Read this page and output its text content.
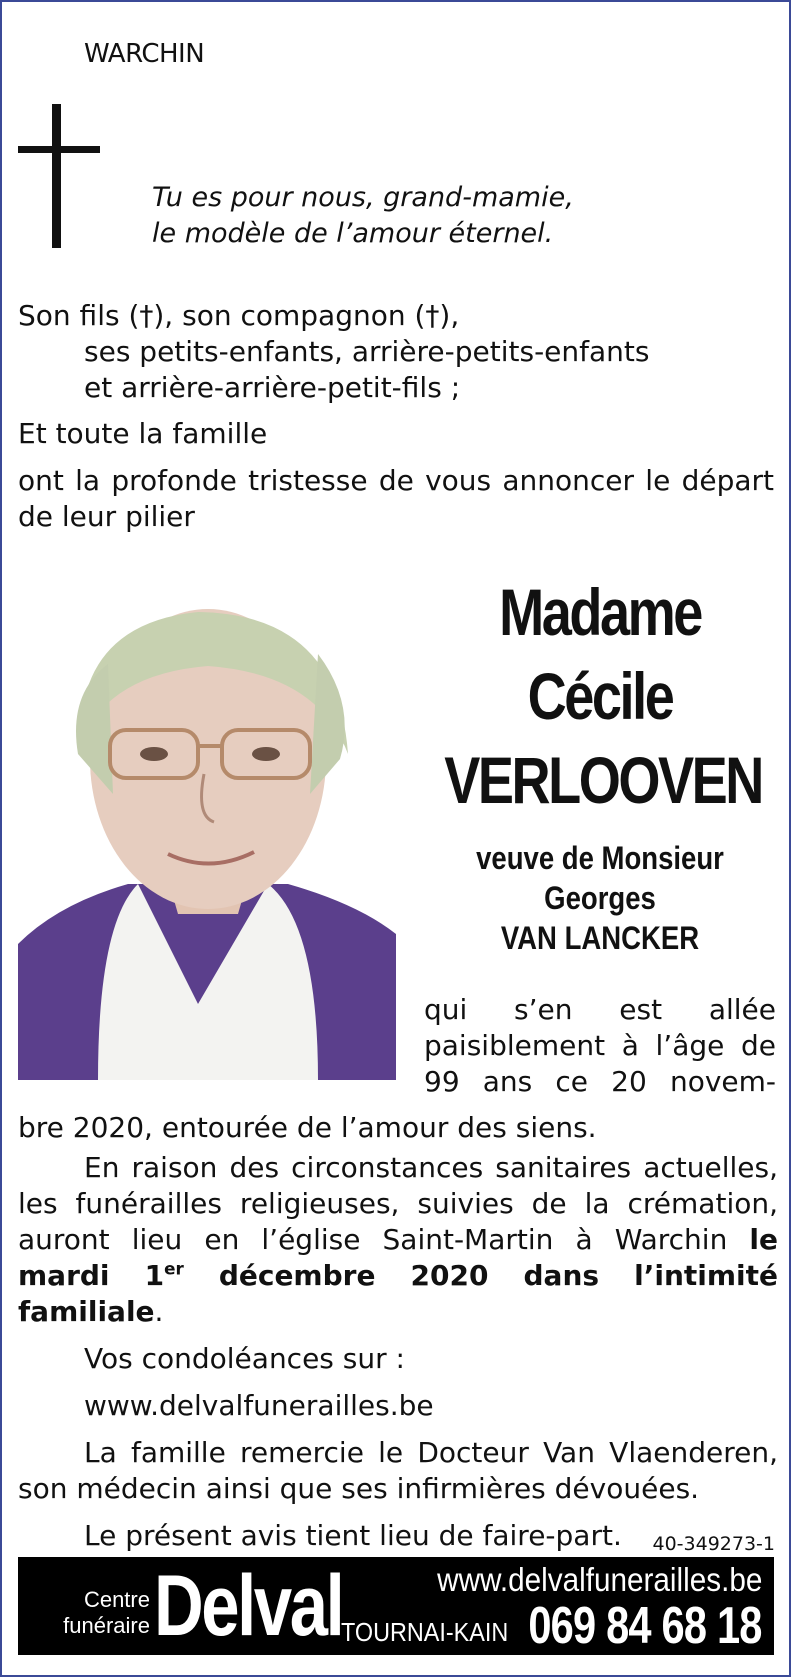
WARCHIN
Tu es pour nous, grand-mamie,
le modèle de l’amour éternel.
Son fils (†), son compagnon (†),
ses petits-enfants, arrière-petits-enfants
et arrière-arrière-petit-fils ;
Et toute la famille
ont la profonde tristesse de vous annoncer le départ de leur pilier
Madame
Cécile
VERLOOVEN
veuve de Monsieur
Georges
VAN LANCKER
qui s’en est allée paisiblement à l’âge de 99 ans ce 20 novem-
bre 2020, entourée de l’amour des siens.

En raison des circonstances sanitaires actuelles, les funérailles religieuses, suivies de la crémation, auront lieu en l’église Saint-Martin à Warchin le mardi 1er décembre 2020 dans l’intimité familiale.

Vos condoléances sur :

www.delvalfunerailles.be

La famille remercie le Docteur Van Vlaenderen, son médecin ainsi que ses infirmières dévouées.

Le présent avis tient lieu de faire-part.	40-349273-1
Centre
funéraire Delval	www.delvalfunerailles.be
TOURNAI-KAIN 069 84 68 18
